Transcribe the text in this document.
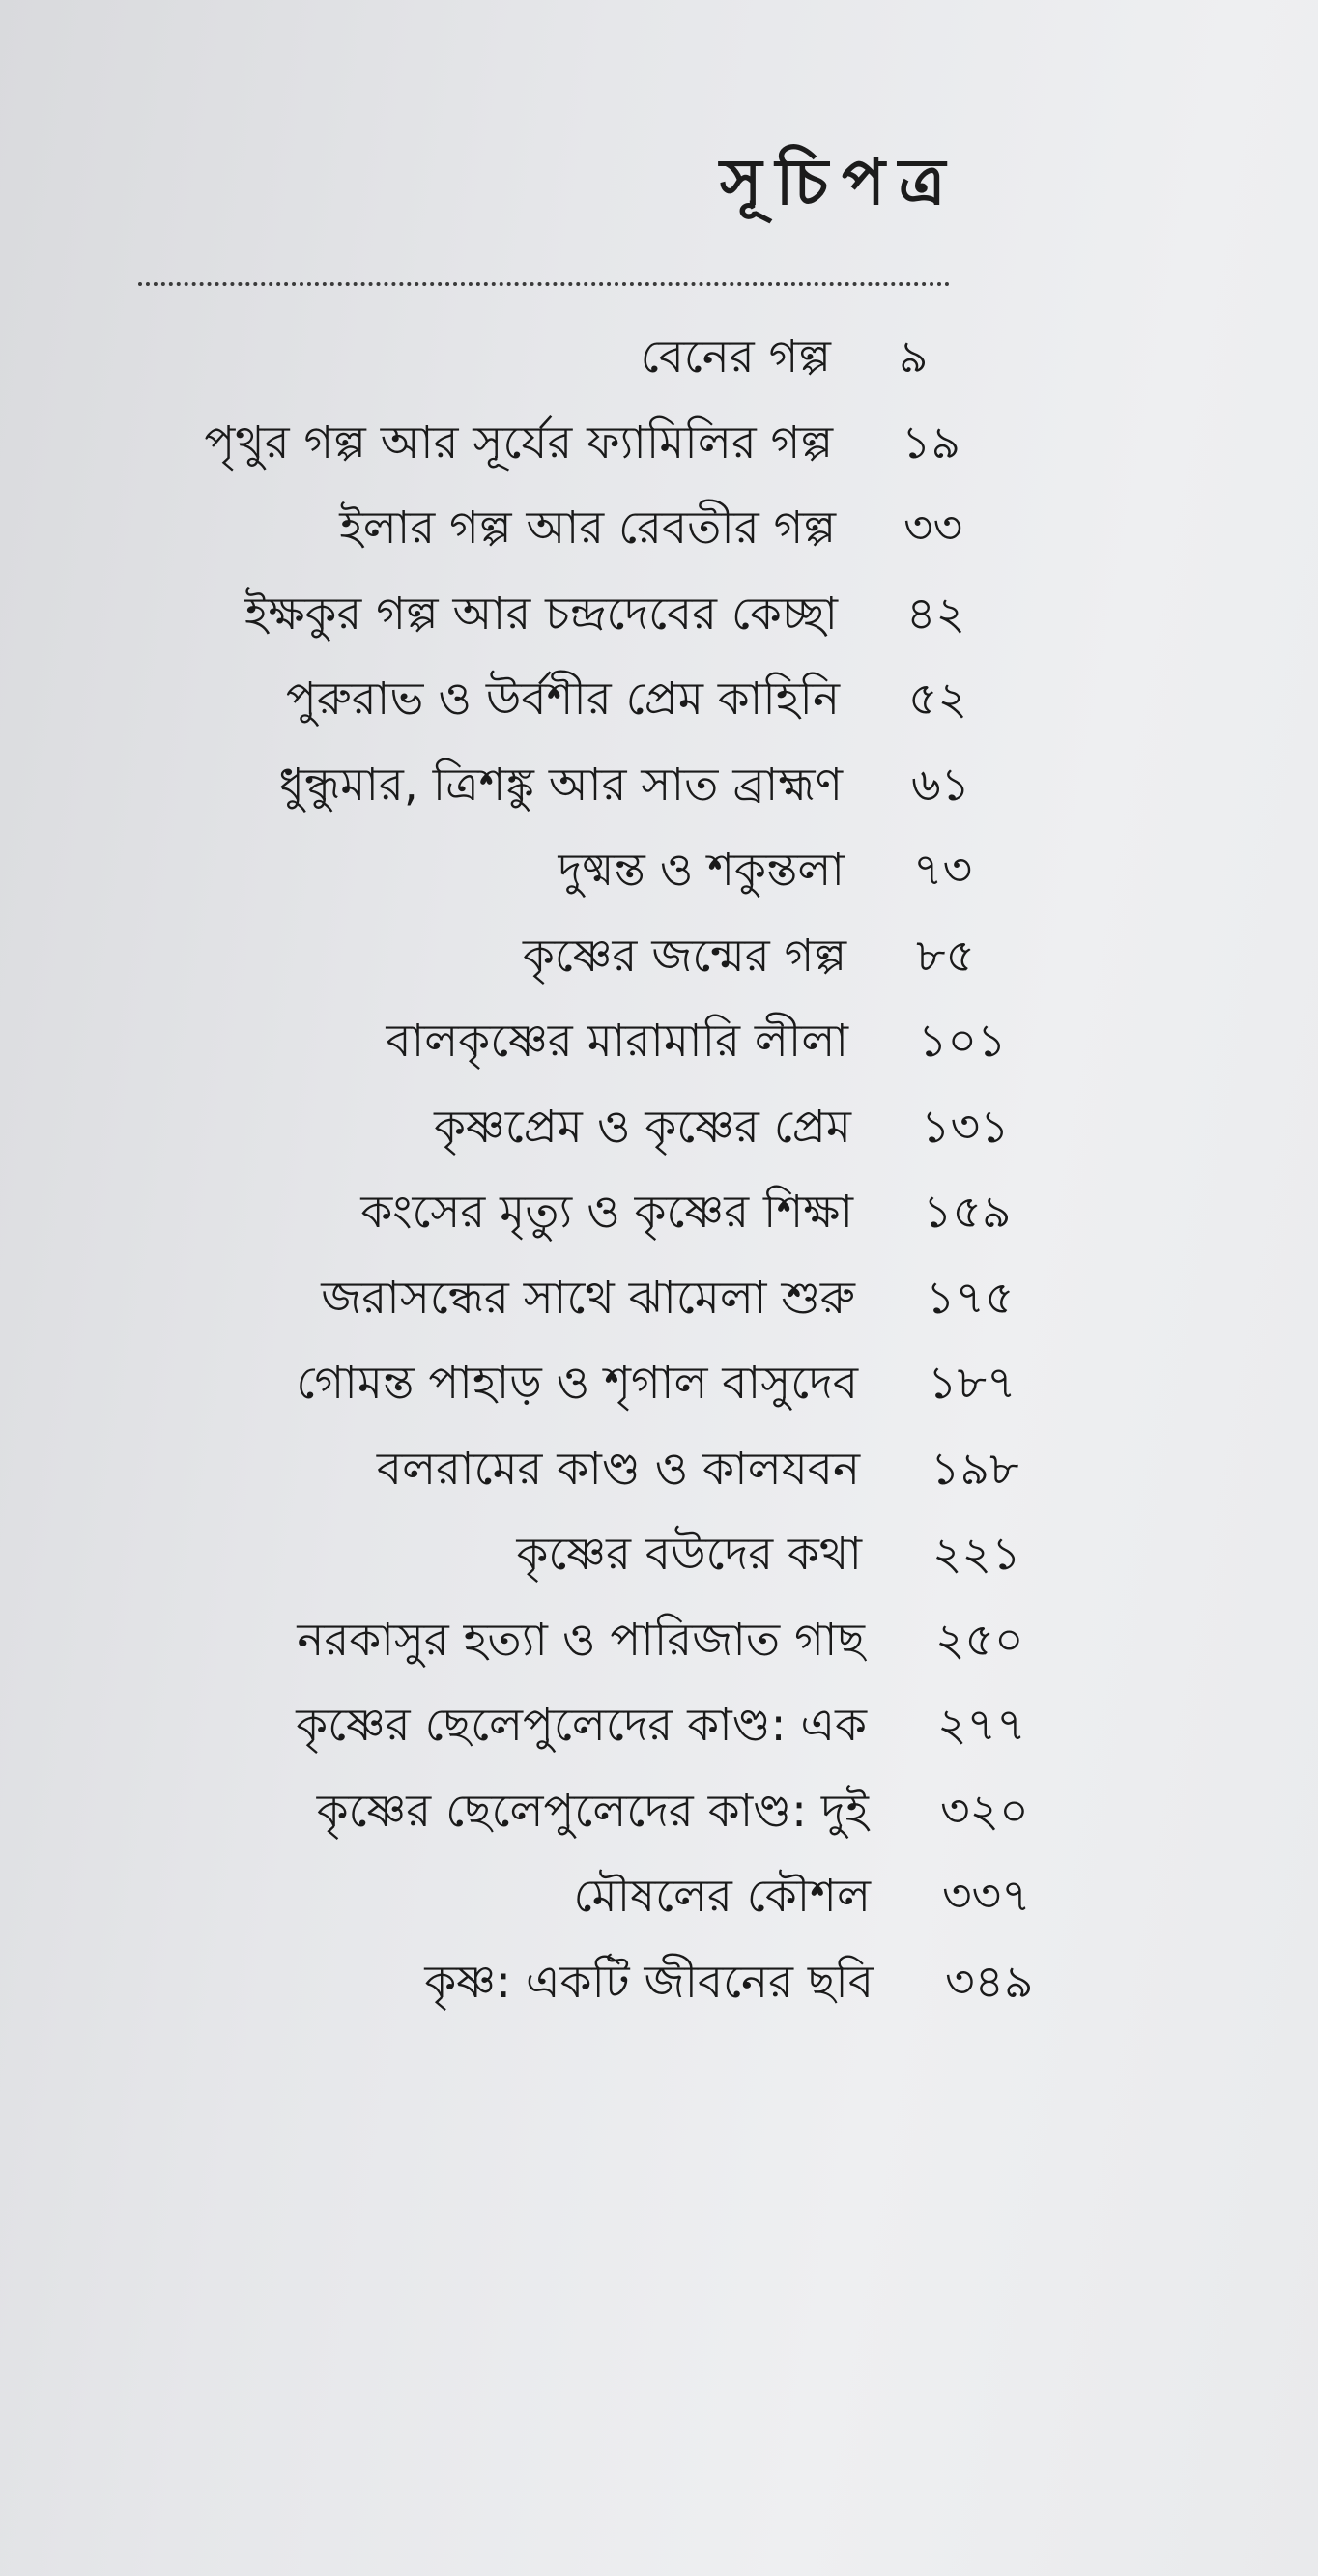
সূচিপত্র
বেনের গল্প ৯
পৃথুর গল্প আর সূর্যের ফ্যামিলির গল্প ১৯
ইলার গল্প আর রেবতীর গল্প ৩৩
ইক্ষকুর গল্প আর চন্দ্রদেবের কেচ্ছা ৪২
পুরুরাভ ও উর্বশীর প্রেম কাহিনি ৫২
ধুন্ধুমার, ত্রিশঙ্কু আর সাত ব্রাহ্মণ ৬১
দুষ্মন্ত ও শকুন্তলা ৭৩
কৃষ্ণের জন্মের গল্প ৮৫
বালকৃষ্ণের মারামারি লীলা ১০১
কৃষ্ণপ্রেম ও কৃষ্ণের প্রেম ১৩১
কংসের মৃত্যু ও কৃষ্ণের শিক্ষা ১৫৯
জরাসন্ধের সাথে ঝামেলা শুরু ১৭৫
গোমন্ত পাহাড় ও শৃগাল বাসুদেব ১৮৭
বলরামের কাণ্ড ও কালযবন ১৯৮
কৃষ্ণের বউদের কথা ২২১
নরকাসুর হত্যা ও পারিজাত গাছ ২৫০
কৃষ্ণের ছেলেপুলেদের কাণ্ড: এক ২৭৭
কৃষ্ণের ছেলেপুলেদের কাণ্ড: দুই ৩২০
মৌষলের কৌশল ৩৩৭
কৃষ্ণ: একটি জীবনের ছবি ৩৪৯
